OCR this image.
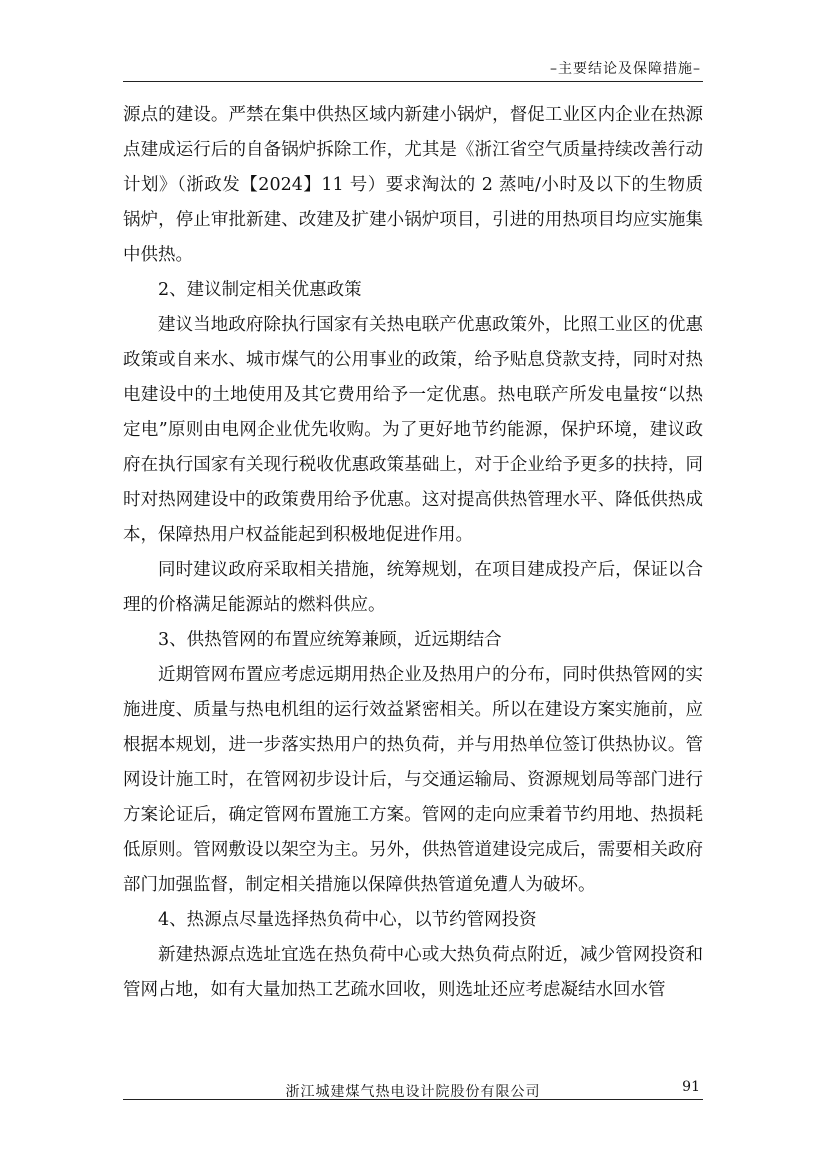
–主要结论及保障措施–

源点的建设。严禁在集中供热区域内新建小锅炉，督促工业区内企业在热源点建成运行后的自备锅炉拆除工作，尤其是《浙江省空气质量持续改善行动计划》（浙政发【2024】11 号）要求淘汰的 2 蒸吨/小时及以下的生物质锅炉，停止审批新建、改建及扩建小锅炉项目，引进的用热项目均应实施集中供热。

2、建议制定相关优惠政策

建议当地政府除执行国家有关热电联产优惠政策外，比照工业区的优惠政策或自来水、城市煤气的公用事业的政策，给予贴息贷款支持，同时对热电建设中的土地使用及其它费用给予一定优惠。热电联产所发电量按“以热定电”原则由电网企业优先收购。为了更好地节约能源，保护环境，建议政府在执行国家有关现行税收优惠政策基础上，对于企业给予更多的扶持，同时对热网建设中的政策费用给予优惠。这对提高供热管理水平、降低供热成本，保障热用户权益能起到积极地促进作用。

同时建议政府采取相关措施，统筹规划，在项目建成投产后，保证以合理的价格满足能源站的燃料供应。

3、供热管网的布置应统筹兼顾，近远期结合

近期管网布置应考虑远期用热企业及热用户的分布，同时供热管网的实施进度、质量与热电机组的运行效益紧密相关。所以在建设方案实施前，应根据本规划，进一步落实热用户的热负荷，并与用热单位签订供热协议。管网设计施工时，在管网初步设计后，与交通运输局、资源规划局等部门进行方案论证后，确定管网布置施工方案。管网的走向应秉着节约用地、热损耗低原则。管网敷设以架空为主。另外，供热管道建设完成后，需要相关政府部门加强监督，制定相关措施以保障供热管道免遭人为破坏。

4、热源点尽量选择热负荷中心，以节约管网投资

新建热源点选址宜选在热负荷中心或大热负荷点附近，减少管网投资和管网占地，如有大量加热工艺疏水回收，则选址还应考虑凝结水回水管

浙江城建煤气热电设计院股份有限公司	91
